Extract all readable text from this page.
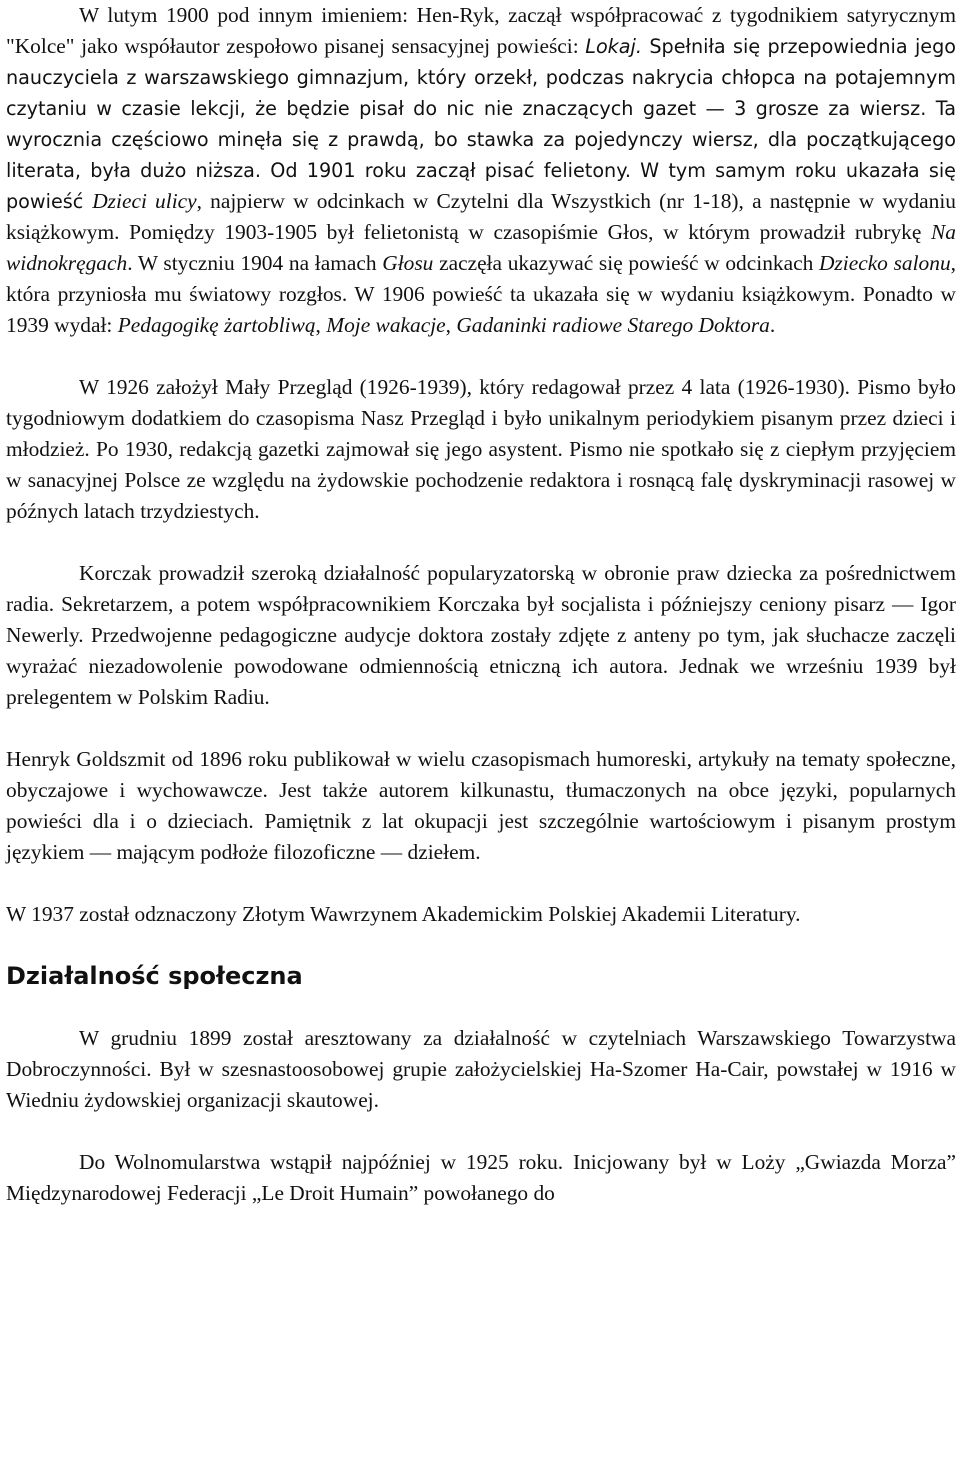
W lutym 1900 pod innym imieniem: Hen-Ryk, zaczął współpracować z tygodnikiem satyrycznym "Kolce" jako współautor zespołowo pisanej sensacyjnej powieści: Lokaj. Spełniła się przepowiednia jego nauczyciela z warszawskiego gimnazjum, który orzekł, podczas nakrycia chłopca na potajemnym czytaniu w czasie lekcji, że będzie pisał do nic nie znaczących gazet — 3 grosze za wiersz. Ta wyrocznia częściowo minęła się z prawdą, bo stawka za pojedynczy wiersz, dla początkującego literata, była dużo niższa. Od 1901 roku zaczął pisać felietony. W tym samym roku ukazała się powieść Dzieci ulicy, najpierw w odcinkach w Czytelni dla Wszystkich (nr 1-18), a następnie w wydaniu książkowym. Pomiędzy 1903-1905 był felietonistą w czasopiśmie Głos, w którym prowadził rubrykę Na widnokręgach. W styczniu 1904 na łamach Głosu zaczęła ukazywać się powieść w odcinkach Dziecko salonu, która przyniosła mu światowy rozgłos. W 1906 powieść ta ukazała się w wydaniu książkowym. Ponadto w 1939 wydał: Pedagogikę żartobliwą, Moje wakacje, Gadaninki radiowe Starego Doktora.

W 1926 założył Mały Przegląd (1926-1939), który redagował przez 4 lata (1926-1930). Pismo było tygodniowym dodatkiem do czasopisma Nasz Przegląd i było unikalnym periodykiem pisanym przez dzieci i młodzież. Po 1930, redakcją gazetki zajmował się jego asystent. Pismo nie spotkało się z ciepłym przyjęciem w sanacyjnej Polsce ze względu na żydowskie pochodzenie redaktora i rosnącą falę dyskryminacji rasowej w późnych latach trzydziestych.

Korczak prowadził szeroką działalność popularyzatorską w obronie praw dziecka za pośrednictwem radia. Sekretarzem, a potem współpracownikiem Korczaka był socjalista i późniejszy ceniony pisarz — Igor Newerly. Przedwojenne pedagogiczne audycje doktora zostały zdjęte z anteny po tym, jak słuchacze zaczęli wyrażać niezadowolenie powodowane odmiennością etniczną ich autora. Jednak we wrześniu 1939 był prelegentem w Polskim Radiu.

Henryk Goldszmit od 1896 roku publikował w wielu czasopismach humoreski, artykuły na tematy społeczne, obyczajowe i wychowawcze. Jest także autorem kilkunastu, tłumaczonych na obce języki, popularnych powieści dla i o dzieciach. Pamiętnik z lat okupacji jest szczególnie wartościowym i pisanym prostym językiem — mającym podłoże filozoficzne — dziełem.

W 1937 został odznaczony Złotym Wawrzynem Akademickim Polskiej Akademii Literatury.

Działalność społeczna

W grudniu 1899 został aresztowany za działalność w czytelniach Warszawskiego Towarzystwa Dobroczynności. Był w szesnastoosobowej grupie założycielskiej Ha-Szomer Ha-Cair, powstałej w 1916 w Wiedniu żydowskiej organizacji skautowej.

Do Wolnomularstwa wstąpił najpóźniej w 1925 roku. Inicjowany był w Loży „Gwiazda Morza” Międzynarodowej Federacji „Le Droit Humain” powołanego do
